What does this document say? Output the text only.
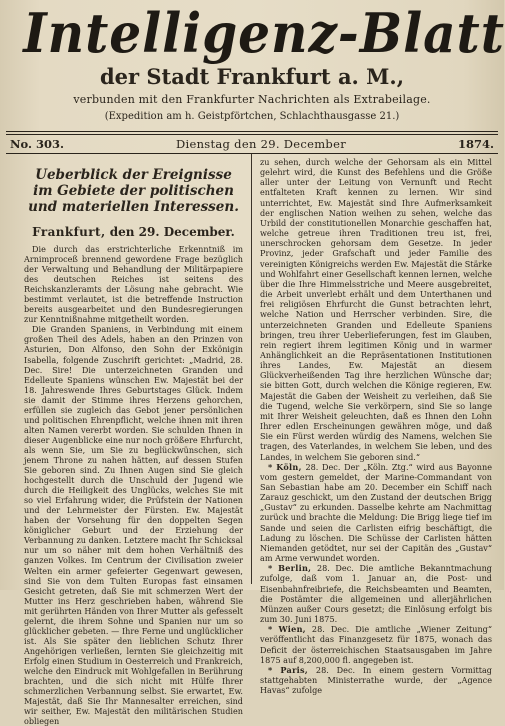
Intelligenz-Blatt
der Stadt Frankfurt a. M.,
verbunden mit den Frankfurter Nachrichten als Extrabeilage.
(Expedition am h. Geistpförtchen, Schlachthausgasse 21.)
No. 303.	Dienstag den 29. December	1874.
Ueberblick der Ereignisse im Gebiete der politischen und materiellen Interessen.
Frankfurt, den 29. December.

Die durch das erstrichterliche Erkenntniß im Arnimproceß brennend gewordene Frage bezüglich der Verwaltung und Behandlung der Militärpapiere des deutschen Reiches ist seitens des Reichskanzleramts der Lösung nahe gebracht. Wie bestimmt verlautet, ist die betreffende Instruction bereits ausgearbeitet und den Bundesregierungen zur Kenntnißnahme mitgetheilt worden.

Die Granden Spaniens, in Verbindung mit einem großen Theil des Adels, haben an den Prinzen von Asturien, Don Alfonso, den Sohn der Exkönigin Isabella, folgende Zuschrift gerichtet: „Madrid, 28. Dec. Sire! Die unterzeichneten Granden und Edelleute Spaniens wünschen Ew. Majestät bei der 18. Jahreswende Ihres Geburtstages Glück. Indem sie damit der Stimme ihres Herzens gehorchen, erfüllen sie zugleich das Gebot jener persönlichen und politischen Ehrenpflicht, welche ihnen mit ihren alten Namen vererbt worden. Sie schulden Ihnen in dieser Augenblicke eine nur noch größere Ehrfurcht, als wenn Sie, um Sie zu beglückwünschen, sich jenem Throne zu nahen hätten, auf dessen Stufen Sie geboren sind. Zu Ihnen Augen sind Sie gleich hochgestellt durch die Unschuld der Jugend wie durch die Heiligkeit des Unglücks, welches Sie mit so viel Erfahrung wider, die Prüfstein der Nationen und der Lehrmeister der Fürsten. Ew. Majestät haben der Vorsehung für den doppelten Segen königlicher Geburt und der Erziehung der Verbannung zu danken. Letztere macht Ihr Schicksal nur um so näher mit dem hohen Verhältniß des ganzen Volkes. Im Centrum der Civilisation zweier Welten ein armer gefeierter Gegenwart gewesen, sind Sie von dem Tulten Europas fast einsamen Gesicht getreten, daß Sie mit schmerzen Wert der Mutter ins Herz geschrieben haben, während Sie mit gerührten Händen von Ihrer Mutter als gefesselt gelernt, die ihrem Sohne und Spanien nur um so glücklicher gebeten. — Ihre Ferne und unglücklicher ist. Als Sie später den lieblichen Schutz Ihrer Angehörigen verließen, lernten Sie gleichzeitig mit Erfolg einen Studium in Oesterreich und Frankreich, welche den Eindruck mit Wohlgefallen in Berührung brachten, und die sich nicht mit Hülfe Ihrer schmerzlichen Verbannung selbst. Sie erwartet, Ew. Majestät, daß Sie Ihr Mannesalter erreichen, sind wir seither, Ew. Majestät den militärischen Studien obliegen

zu sehen, durch welche der Gehorsam als ein Mittel gelehrt wird, die Kunst des Befehlens und die Größe aller unter der Leitung von Vernunft und Recht entfalteten Kraft kennen zu lernen. Wir sind unterrichtet, Ew. Majestät sind Ihre Aufmerksamkeit der englischen Nation weihen zu sehen, welche das Urbild der constitutionellen Monarchie geschaffen hat, welche getreue ihren Traditionen treu ist, frei, unerschrocken gehorsam dem Gesetze. In jeder Provinz, jeder Grafschaft und jeder Familie des vereinigten Königreichs werden Ew. Majestät die Stärke und Wohlfahrt einer Gesellschaft kennen lernen, welche über die Ihre Himmelsstriche und Meere ausgebreitet, die Arbeit unverlebt erhält und dem Unterthanen und frei religiösen Ehrfurcht die Gunst betrachten lehrt, welche Nation und Herrscher verbinden. Sire, die unterzeichneten Granden und Edelleute Spaniens bringen, treu ihrer Ueberlieferungen, fest im Glauben, rein regiert ihrem legitimen König und in warmer Anhänglichkeit an die Repräsentationen Institutionen ihres Landes, Ew. Majestät an diesem Glückverheißenden Tag ihre herzlichen Wünsche dar; sie bitten Gott, durch welchen die Könige regieren, Ew. Majestät die Gaben der Weisheit zu verleihen, daß Sie die Tugend, welche Sie verkörpern, sind Sie so lange mit Ihrer Weisheit geleuchten, daß es Ihnen den Lohn Ihrer edlen Erscheinungen gewähren möge, und daß Sie ein Fürst werden würdig des Namens, welchen Sie tragen, des Vaterlandes, in welchem Sie leben, und des Landes, in welchem Sie geboren sind.“

* Köln, 28. Dec. Der „Köln. Ztg.“ wird aus Bayonne vom gestern gemeldet, der Marine-Commandant von San Sebastian habe am 20. December ein Schiff nach Zarauz geschickt, um den Zustand der deutschen Brigg „Gustav“ zu erkunden. Dasselbe kehrte am Nachmittag zurück und brachte die Meldung: Die Brigg liege tief im Sande und seien die Carlisten eifrig beschäftigt, die Ladung zu löschen. Die Schüsse der Carlisten hätten Niemanden getödtet, nur sei der Capitän des „Gustav“ am Arme verwundet worden.

* Berlin, 28. Dec. Die amtliche Bekanntmachung zufolge, daß vom 1. Januar an, die Post- und Eisenbahnfreibriefe, die Reichsbeamten und Beamten, die Postämter die allgemeinen und allerjährlichen Münzen außer Cours gesetzt; die Einlösung erfolgt bis zum 30. Juni 1875.

* Wien, 28. Dec. Die amtliche „Wiener Zeitung“ veröffentlicht das Finanzgesetz für 1875, wonach das Deficit der österreichischen Staatsausgaben im Jahre 1875 auf 8,200,000 fl. angegeben ist.

* Paris, 28. Dec. In einem gestern Vormittag stattgehabten Ministerrathe wurde, der „Agence Havas“ zufolge
